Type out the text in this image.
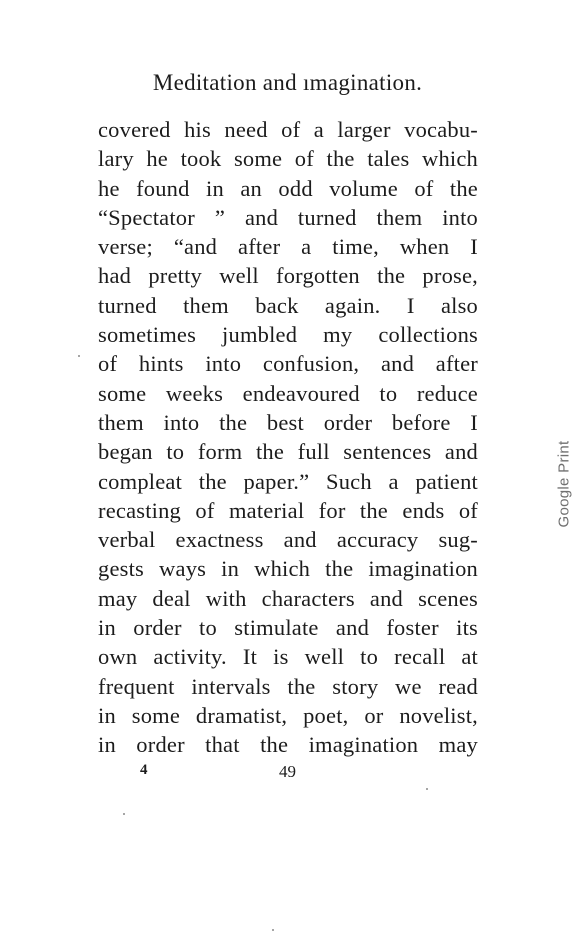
Meditation and ımagination.
covered his need of a larger vocabu-
lary he took some of the tales which
he found in an odd volume of the
“Spectator ” and turned them into
verse; “and after a time, when I
had pretty well forgotten the prose,
turned them back again. I also
sometimes jumbled my collections
of hints into confusion, and after
some weeks endeavoured to reduce
them into the best order before I
began to form the full sentences and
compleat the paper.” Such a patient
recasting of material for the ends of
verbal exactness and accuracy sug-
gests ways in which the imagination
may deal with characters and scenes
in order to stimulate and foster its
own activity. It is well to recall at
frequent intervals the story we read
in some dramatist, poet, or novelist,
in order that the imagination may
4	49
Google Print
